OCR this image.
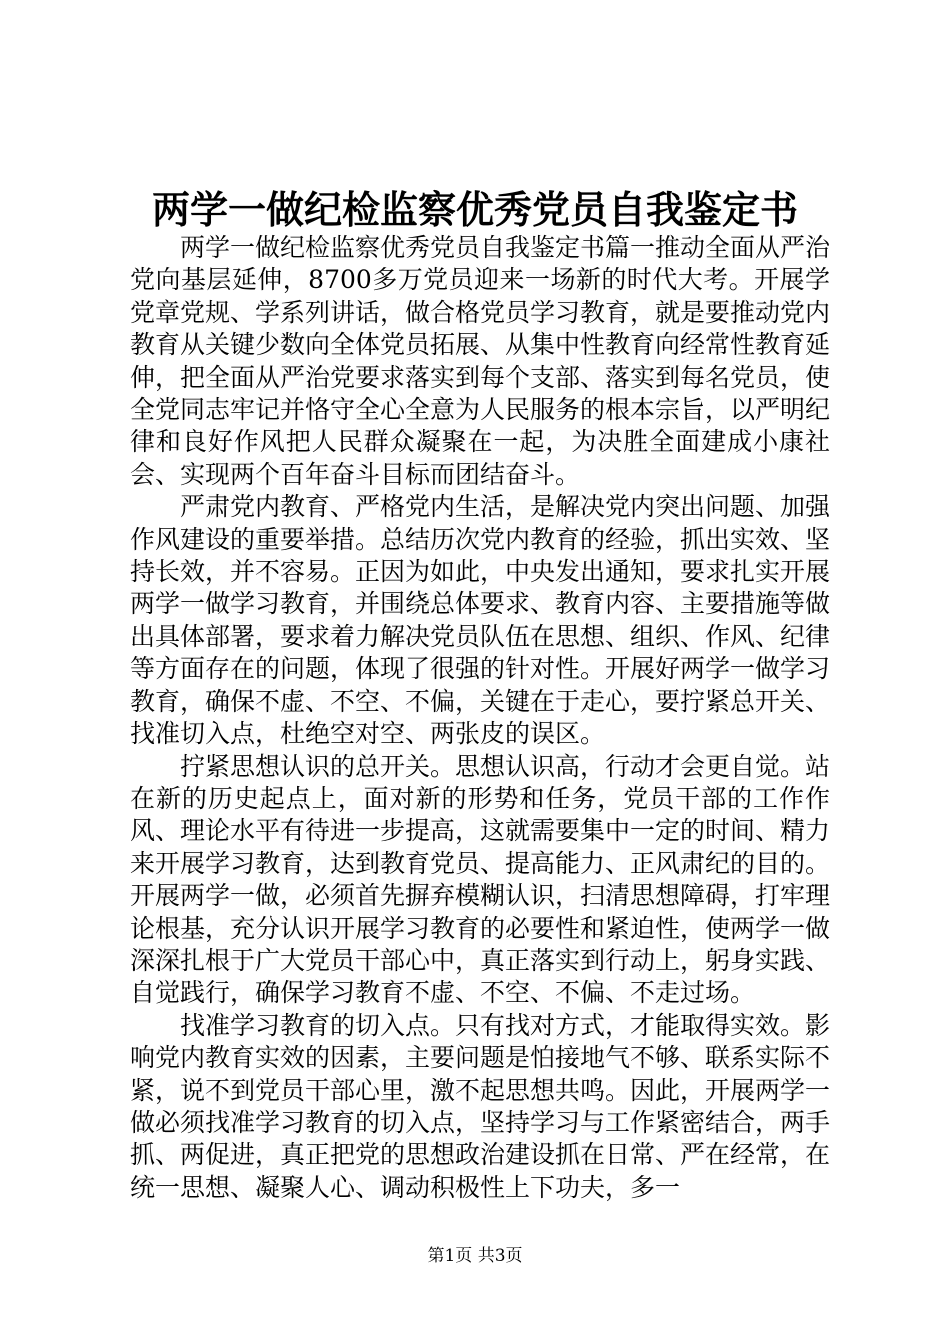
两学一做纪检监察优秀党员自我鉴定书

两学一做纪检监察优秀党员自我鉴定书篇一推动全面从严治党向基层延伸，8700多万党员迎来一场新的时代大考。开展学党章党规、学系列讲话，做合格党员学习教育，就是要推动党内教育从关键少数向全体党员拓展、从集中性教育向经常性教育延伸，把全面从严治党要求落实到每个支部、落实到每名党员，使全党同志牢记并恪守全心全意为人民服务的根本宗旨，以严明纪律和良好作风把人民群众凝聚在一起，为决胜全面建成小康社会、实现两个百年奋斗目标而团结奋斗。

严肃党内教育、严格党内生活，是解决党内突出问题、加强作风建设的重要举措。总结历次党内教育的经验，抓出实效、坚持长效，并不容易。正因为如此，中央发出通知，要求扎实开展两学一做学习教育，并围绕总体要求、教育内容、主要措施等做出具体部署，要求着力解决党员队伍在思想、组织、作风、纪律等方面存在的问题，体现了很强的针对性。开展好两学一做学习教育，确保不虚、不空、不偏，关键在于走心，要拧紧总开关、找准切入点，杜绝空对空、两张皮的误区。

拧紧思想认识的总开关。思想认识高，行动才会更自觉。站在新的历史起点上，面对新的形势和任务，党员干部的工作作风、理论水平有待进一步提高，这就需要集中一定的时间、精力来开展学习教育，达到教育党员、提高能力、正风肃纪的目的。开展两学一做，必须首先摒弃模糊认识，扫清思想障碍，打牢理论根基，充分认识开展学习教育的必要性和紧迫性，使两学一做深深扎根于广大党员干部心中，真正落实到行动上，躬身实践、自觉践行，确保学习教育不虚、不空、不偏、不走过场。

找准学习教育的切入点。只有找对方式，才能取得实效。影响党内教育实效的因素，主要问题是怕接地气不够、联系实际不紧，说不到党员干部心里，激不起思想共鸣。因此，开展两学一做必须找准学习教育的切入点，坚持学习与工作紧密结合，两手抓、两促进，真正把党的思想政治建设抓在日常、严在经常，在统一思想、凝聚人心、调动积极性上下功夫，多一

第1页 共3页
